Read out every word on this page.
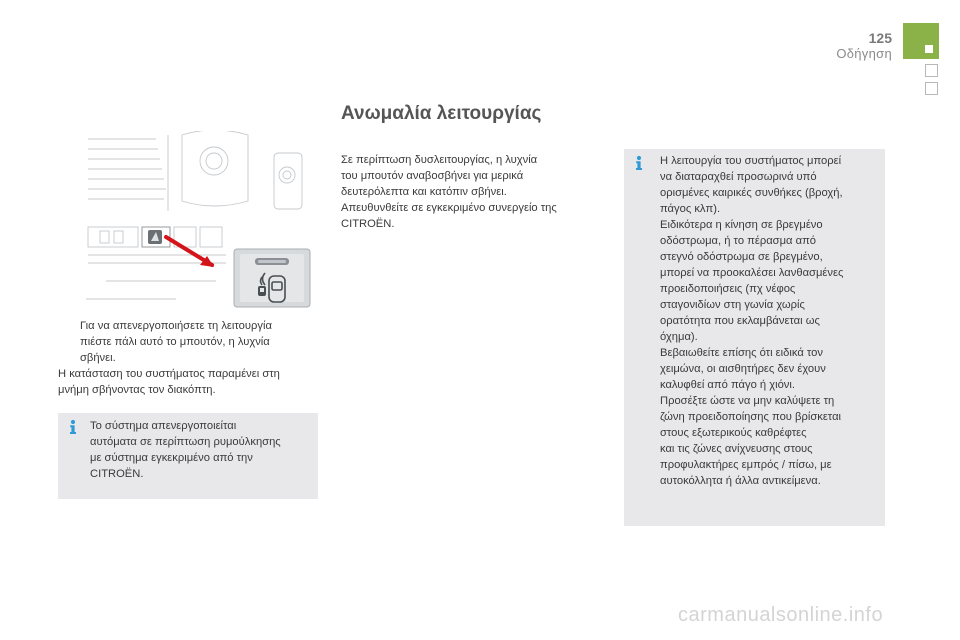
125
Οδήγηση
Ανωμαλία λειτουργίας
Σε περίπτωση δυσλειτουργίας, η λυχνία
του μπουτόν αναβοσβήνει για μερικά
δευτερόλεπτα και κατόπιν σβήνει.
Απευθυνθείτε σε εγκεκριμένο συνεργείο της
CITROËN.
Για να απενεργοποιήσετε τη λειτουργία
πιέστε πάλι αυτό το μπουτόν, η λυχνία
σβήνει.
Η κατάσταση του συστήματος παραμένει στη
μνήμη σβήνοντας τον διακόπτη.
Το σύστημα απενεργοποιείται
αυτόματα σε περίπτωση ρυμούλκησης
με σύστημα εγκεκριμένο από την
CITROËN.
Η λειτουργία του συστήματος μπορεί
να διαταραχθεί προσωρινά υπό
ορισμένες καιρικές συνθήκες (βροχή,
πάγος κλπ).
Ειδικότερα η κίνηση σε βρεγμένο
οδόστρωμα, ή το πέρασμα από
στεγνό οδόστρωμα σε βρεγμένο,
μπορεί να προοκαλέσει λανθασμένες
προειδοποιήσεις (πχ νέφος
σταγονιδίων στη γωνία χωρίς
ορατότητα που εκλαμβάνεται ως
όχημα).
Βεβαιωθείτε επίσης ότι ειδικά τον
χειμώνα, οι αισθητήρες δεν έχουν
καλυφθεί από πάγο ή χιόνι.
Προσέξτε ώστε να μην καλύψετε τη
ζώνη προειδοποίησης που βρίσκεται
στους εξωτερικούς καθρέφτες
και τις ζώνες ανίχνευσης στους
προφυλακτήρες εμπρός / πίσω, με
αυτοκόλλητα ή άλλα αντικείμενα.
carmanualsonline.info
